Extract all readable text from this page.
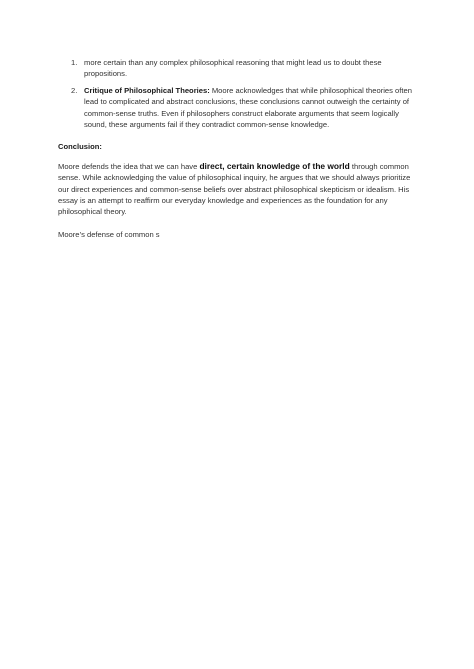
1. more certain than any complex philosophical reasoning that might lead us to doubt these propositions.
2. Critique of Philosophical Theories: Moore acknowledges that while philosophical theories often lead to complicated and abstract conclusions, these conclusions cannot outweigh the certainty of common-sense truths. Even if philosophers construct elaborate arguments that seem logically sound, these arguments fail if they contradict common-sense knowledge.
Conclusion:

Moore defends the idea that we can have direct, certain knowledge of the world through common sense. While acknowledging the value of philosophical inquiry, he argues that we should always prioritize our direct experiences and common-sense beliefs over abstract philosophical skepticism or idealism. His essay is an attempt to reaffirm our everyday knowledge and experiences as the foundation for any philosophical theory.

Moore’s defense of common s
